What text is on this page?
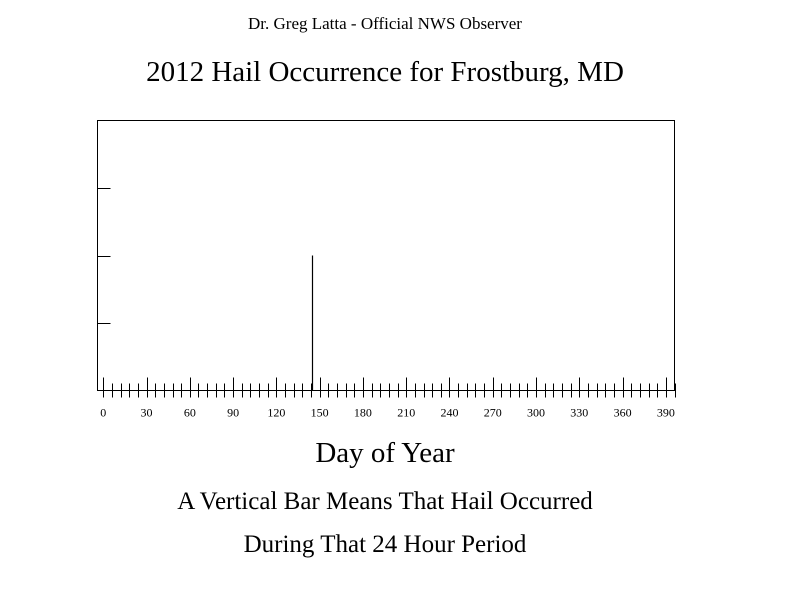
Dr. Greg Latta - Official NWS Observer
2012 Hail Occurrence for Frostburg, MD
0	30	60	90 120 150 180 210 240 270 300 330 360 390
Day of Year
A Vertical Bar Means That Hail Occurred
During That 24 Hour Period
